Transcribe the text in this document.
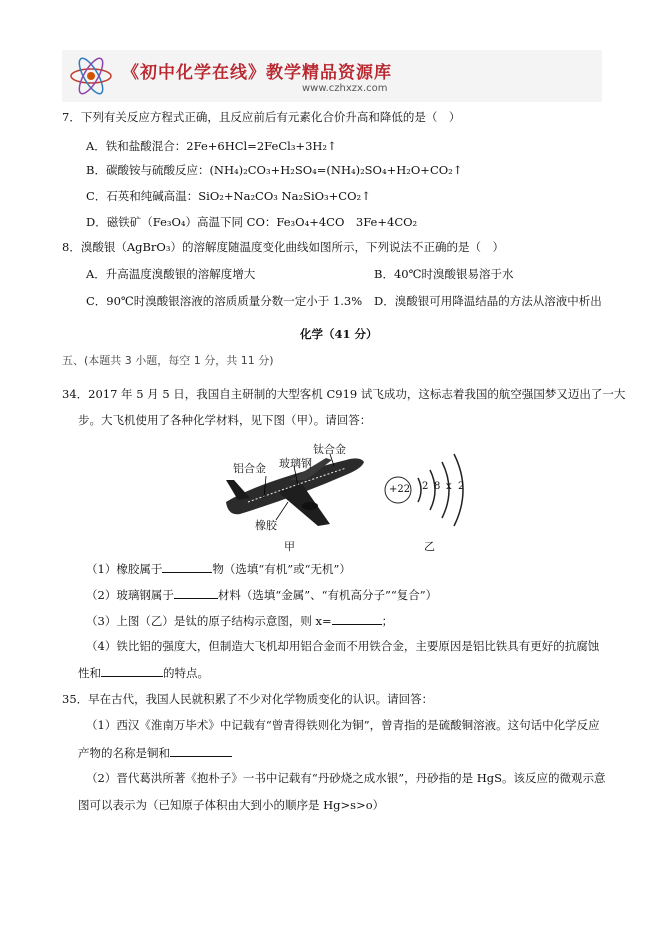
《初中化学在线》教学精品资源库
www.czhxzx.com
7．下列有关反应方程式正确，且反应前后有元素化合价升高和降低的是（　）
A．铁和盐酸混合：2Fe+6HCl=2FeCl₃+3H₂↑
B．碳酸铵与硫酸反应：(NH₄)₂CO₃+H₂SO₄=(NH₄)₂SO₄+H₂O+CO₂↑
C．石英和纯碱高温：SiO₂+Na₂CO₃ Na₂SiO₃+CO₂↑
D．磁铁矿（Fe₃O₄）高温下同 CO：Fe₃O₄+4CO　3Fe+4CO₂
8．溴酸银（AgBrO₃）的溶解度随温度变化曲线如图所示，下列说法不正确的是（　）
A．升高温度溴酸银的溶解度增大	B．40℃时溴酸银易溶于水
C．90℃时溴酸银溶液的溶质质量分数一定小于 1.3% D．溴酸银可用降温结晶的方法从溶液中析出
化学（41 分）
五、(本题共 3 小题，每空 1 分，共 11 分)
34．2017 年 5 月 5 日，我国自主研制的大型客机 C919 试飞成功，这标志着我国的航空强国梦又迈出了一大
步。大飞机使用了各种化学材料，见下图（甲）。请回答：
钛合金
铝合金 玻璃钢
橡胶
甲
+22 2 8 x 2
乙
（1）橡胶属于	物（选填“有机”或“无机”）
（2）玻璃钢属于	材料（选填“金属”、“有机高分子”“复合”）
（3）上图（乙）是钛的原子结构示意图，则 x=	；
（4）铁比铝的强度大，但制造大飞机却用铝合金而不用铁合金，主要原因是铝比铁具有更好的抗腐蚀
性和	的特点。
35．早在古代，我国人民就积累了不少对化学物质变化的认识。请回答：
（1）西汉《淮南万毕术》中记载有“曾青得铁则化为铜”，曾青指的是硫酸铜溶液。这句话中化学反应
产物的名称是铜和
（2）晋代葛洪所著《抱朴子》一书中记载有“丹砂烧之成水银”，丹砂指的是 HgS。该反应的微观示意
图可以表示为（已知原子体积由大到小的顺序是 Hg>s>o）
